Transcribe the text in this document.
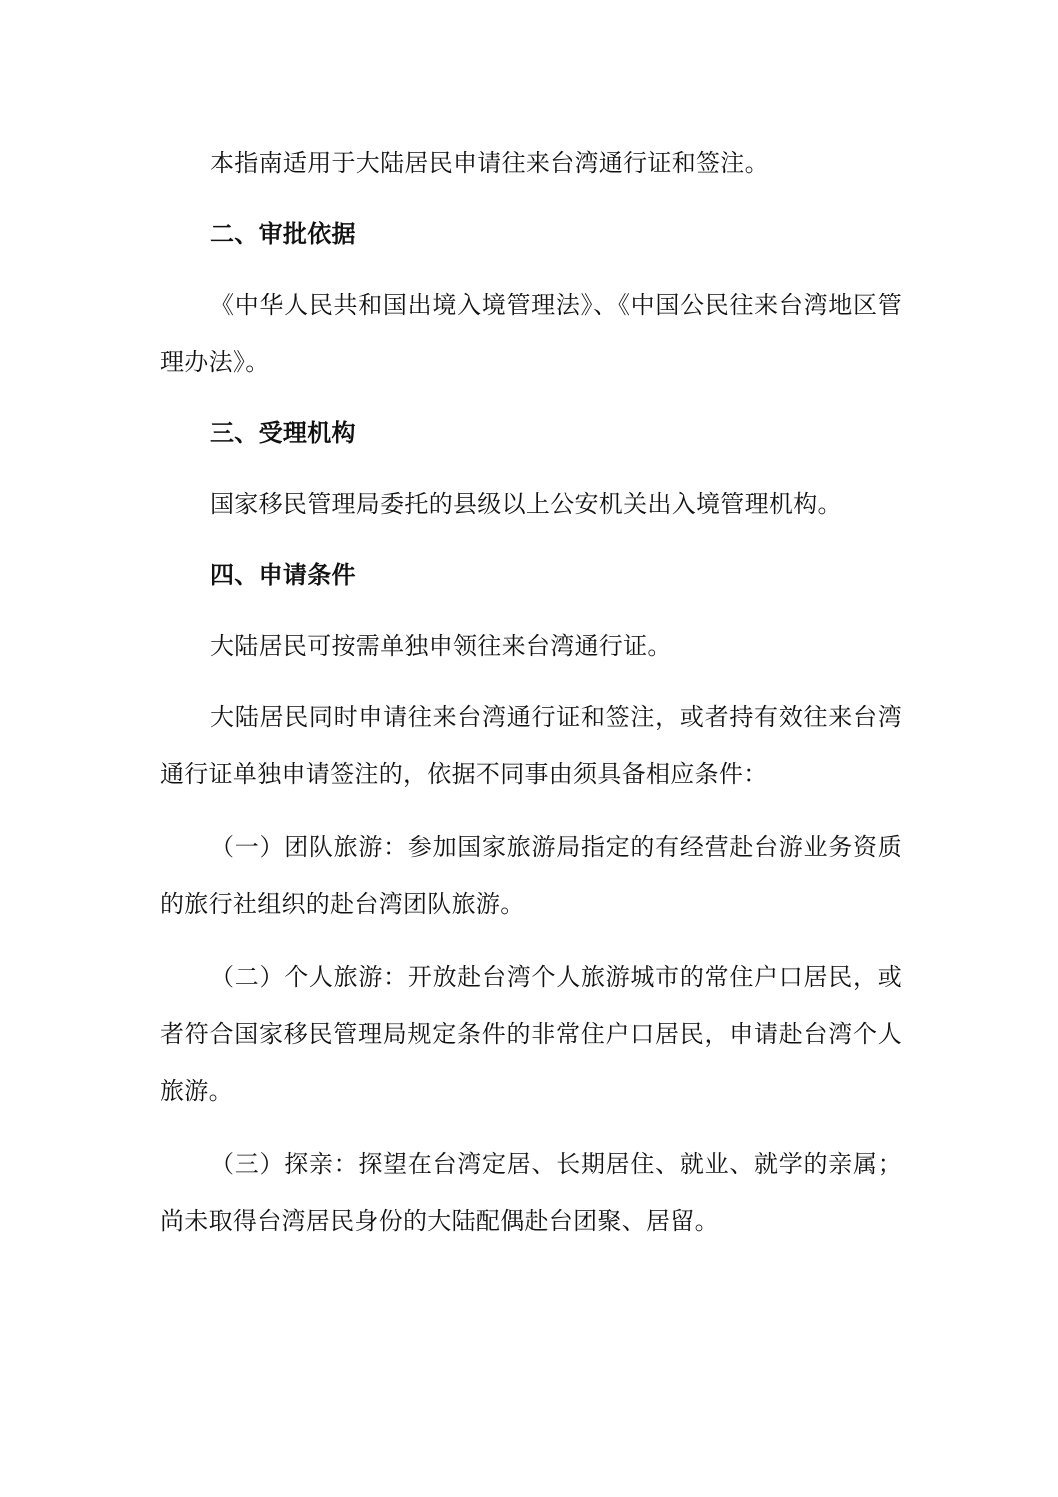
本指南适用于大陆居民申请往来台湾通行证和签注。

二、审批依据

《中华人民共和国出境入境管理法》、《中国公民往来台湾地区管理办法》。

三、受理机构

国家移民管理局委托的县级以上公安机关出入境管理机构。

四、申请条件

大陆居民可按需单独申领往来台湾通行证。

大陆居民同时申请往来台湾通行证和签注，或者持有效往来台湾通行证单独申请签注的，依据不同事由须具备相应条件：

（一）团队旅游：参加国家旅游局指定的有经营赴台游业务资质的旅行社组织的赴台湾团队旅游。

（二）个人旅游：开放赴台湾个人旅游城市的常住户口居民，或者符合国家移民管理局规定条件的非常住户口居民，申请赴台湾个人旅游。

（三）探亲：探望在台湾定居、长期居住、就业、就学的亲属；尚未取得台湾居民身份的大陆配偶赴台团聚、居留。
